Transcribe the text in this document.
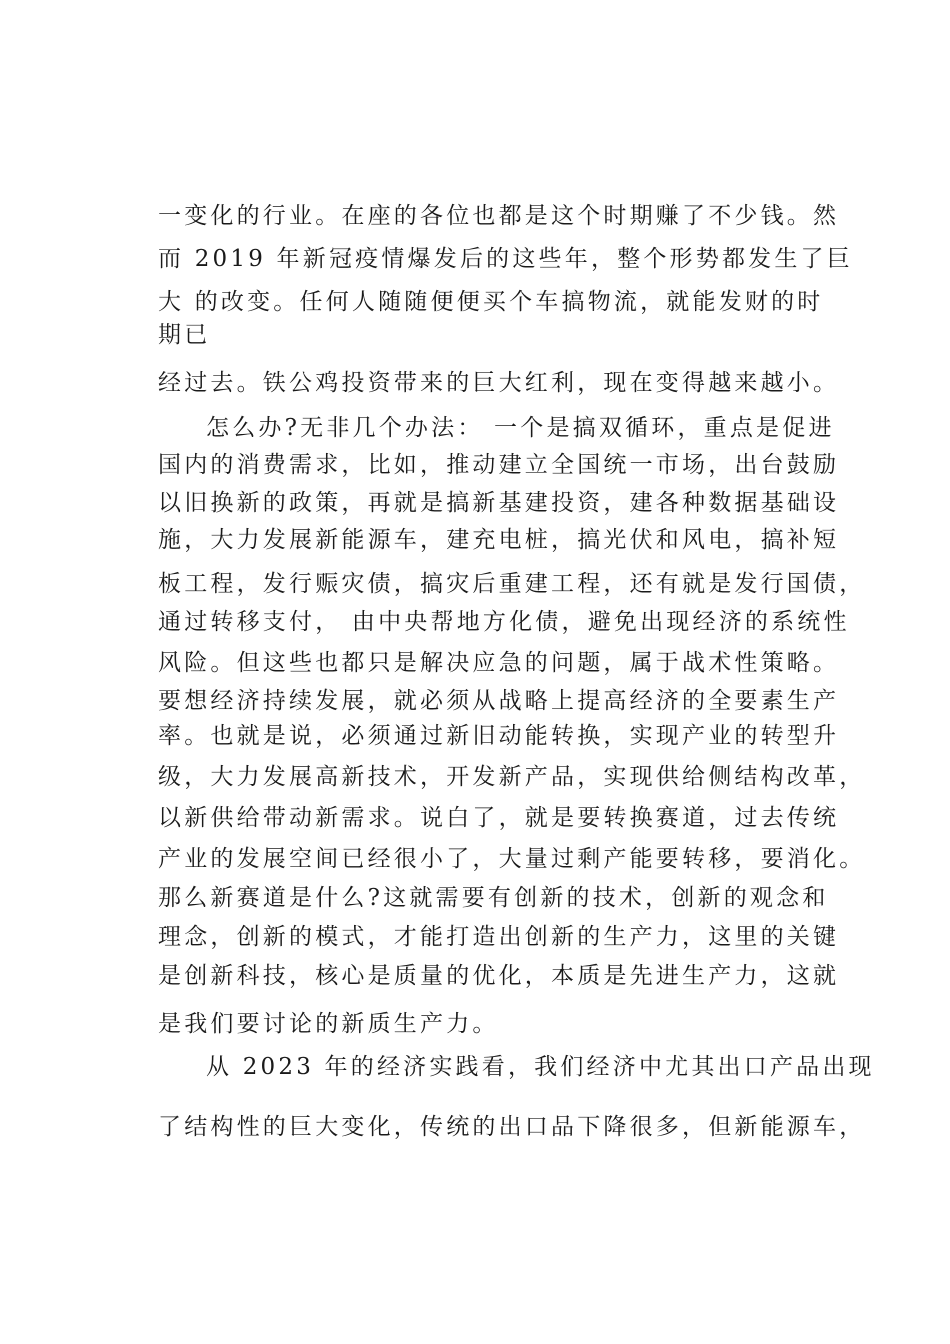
一变化的行业。在座的各位也都是这个时期赚了不少钱。然
而 2019 年新冠疫情爆发后的这些年，整个形势都发生了巨
大 的改变。任何人随随便便买个车搞物流，就能发财的时
期已
经过去。铁公鸡投资带来的巨大红利，现在变得越来越小。
怎么办?无非几个办法： 一个是搞双循环，重点是促进
国内的消费需求，比如，推动建立全国统一市场，出台鼓励
以旧换新的政策，再就是搞新基建投资，建各种数据基础设
施，大力发展新能源车，建充电桩，搞光伏和风电，搞补短
板工程，发行赈灾债，搞灾后重建工程，还有就是发行国债，
通过转移支付， 由中央帮地方化债，避免出现经济的系统性
风险。但这些也都只是解决应急的问题，属于战术性策略。
要想经济持续发展，就必须从战略上提高经济的全要素生产
率。也就是说，必须通过新旧动能转换，实现产业的转型升
级，大力发展高新技术，开发新产品，实现供给侧结构改革，
以新供给带动新需求。说白了，就是要转换赛道，过去传统
产业的发展空间已经很小了，大量过剩产能要转移，要消化。
那么新赛道是什么?这就需要有创新的技术，创新的观念和
理念，创新的模式，才能打造出创新的生产力，这里的关键
是创新科技，核心是质量的优化，本质是先进生产力，这就
是我们要讨论的新质生产力。
从 2023 年的经济实践看，我们经济中尤其出口产品出现
了结构性的巨大变化，传统的出口品下降很多，但新能源车，
